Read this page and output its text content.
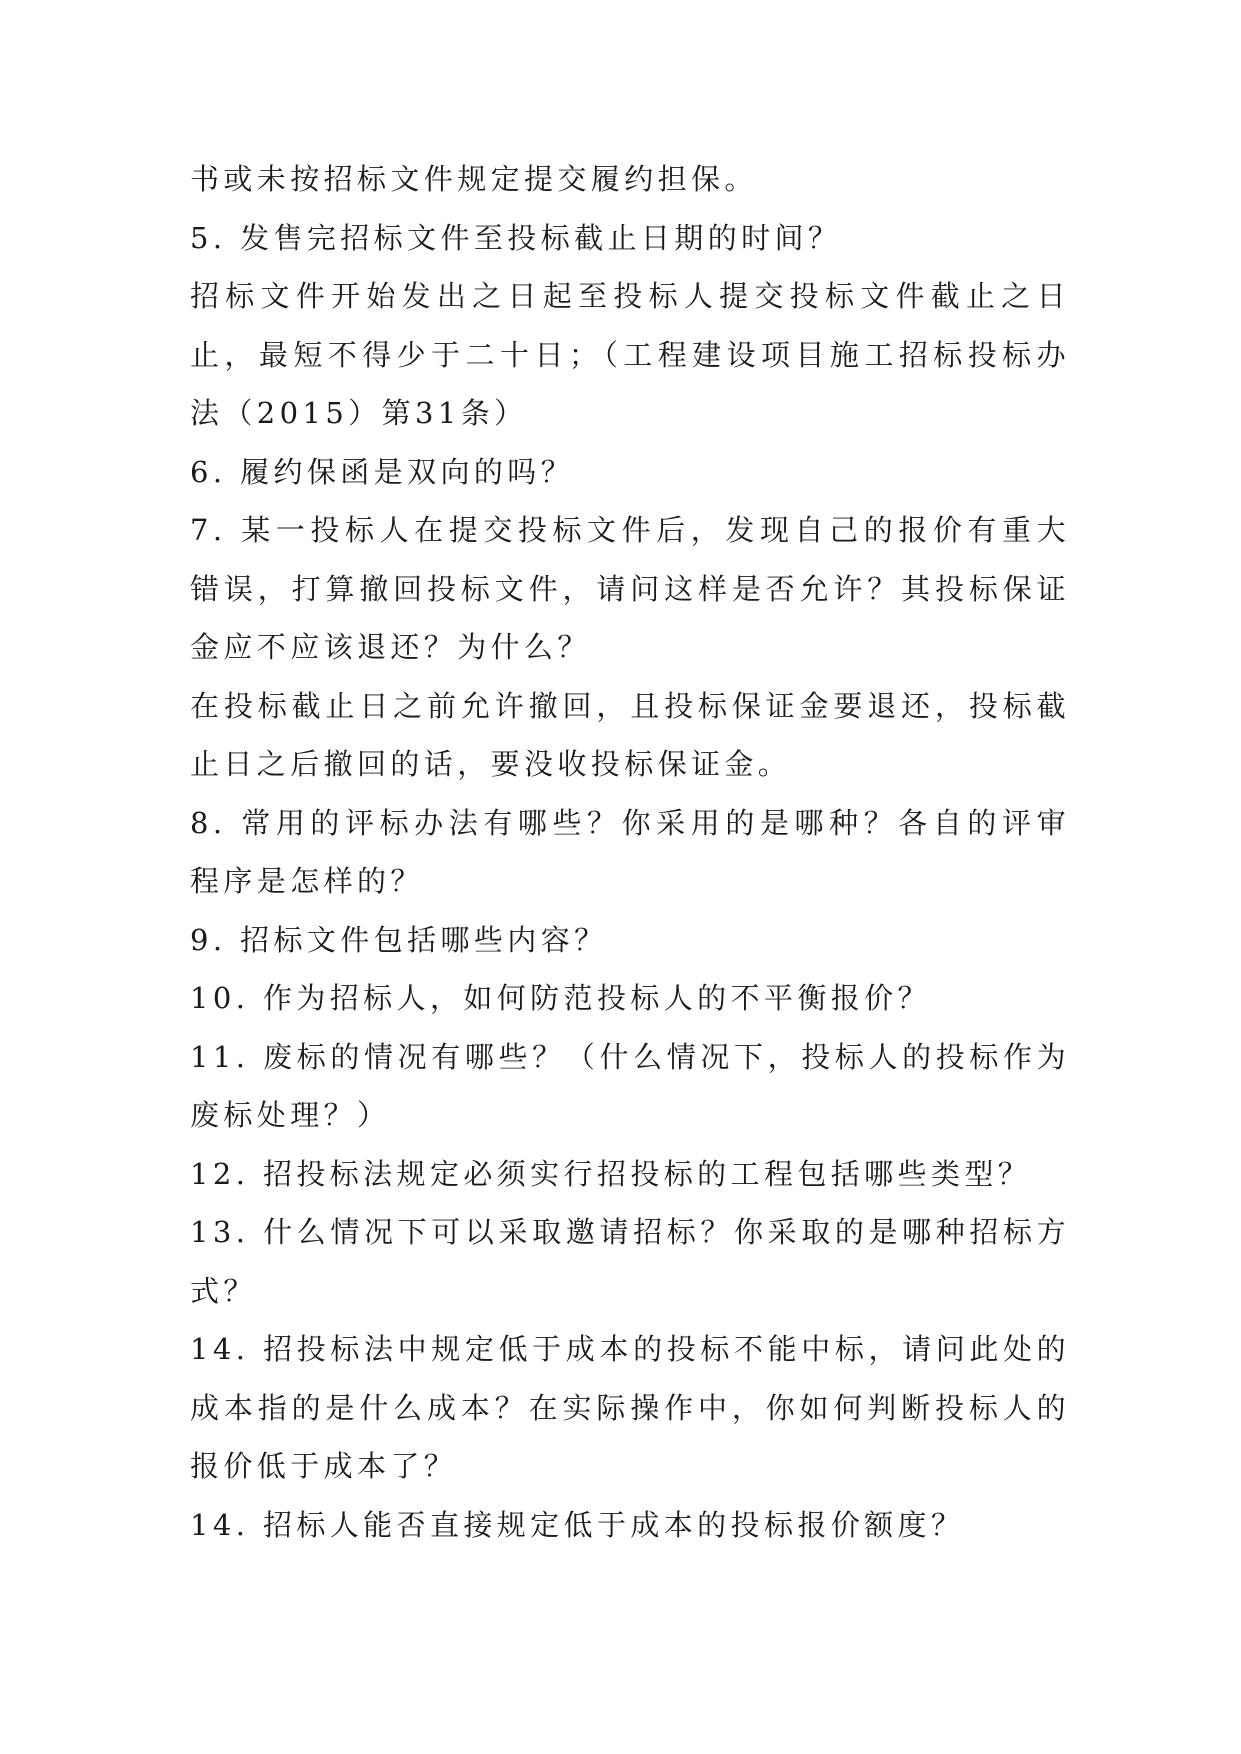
书或未按招标文件规定提交履约担保。

5. 发售完招标文件至投标截止日期的时间？

招标文件开始发出之日起至投标人提交投标文件截止之日止，最短不得少于二十日；（工程建设项目施工招标投标办法（2015）第31条）

6. 履约保函是双向的吗？

7. 某一投标人在提交投标文件后，发现自己的报价有重大错误，打算撤回投标文件，请问这样是否允许？其投标保证金应不应该退还？为什么？

在投标截止日之前允许撤回，且投标保证金要退还，投标截止日之后撤回的话，要没收投标保证金。

8. 常用的评标办法有哪些？你采用的是哪种？各自的评审程序是怎样的？

9. 招标文件包括哪些内容？

10. 作为招标人，如何防范投标人的不平衡报价？

11. 废标的情况有哪些？（什么情况下，投标人的投标作为废标处理？）

12. 招投标法规定必须实行招投标的工程包括哪些类型？

13. 什么情况下可以采取邀请招标？你采取的是哪种招标方式？

14. 招投标法中规定低于成本的投标不能中标，请问此处的成本指的是什么成本？在实际操作中，你如何判断投标人的报价低于成本了？

14. 招标人能否直接规定低于成本的投标报价额度？
